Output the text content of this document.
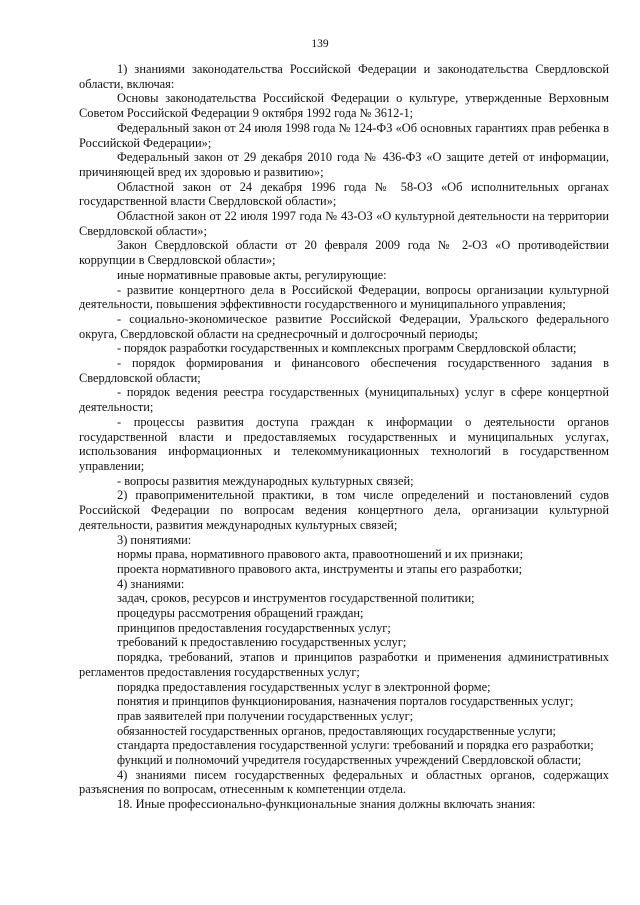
139

1) знаниями законодательства Российской Федерации и законодательства Свердловской области, включая:

Основы законодательства Российской Федерации о культуре, утвержденные Верховным Советом Российской Федерации 9 октября 1992 года № 3612-1;

Федеральный закон от 24 июля 1998 года № 124-ФЗ «Об основных гарантиях прав ребенка в Российской Федерации»;

Федеральный закон от 29 декабря 2010 года № 436-ФЗ «О защите детей от информации, причиняющей вред их здоровью и развитию»;

Областной закон от 24 декабря 1996 года № 58-ОЗ «Об исполнительных органах государственной власти Свердловской области»;

Областной закон от 22 июля 1997 года № 43-ОЗ «О культурной деятельности на территории Свердловской области»;

Закон Свердловской области от 20 февраля 2009 года № 2-ОЗ «О противодействии коррупции в Свердловской области»;

иные нормативные правовые акты, регулирующие:

- развитие концертного дела в Российской Федерации, вопросы организации культурной деятельности, повышения эффективности государственного и муниципального управления;

- социально-экономическое развитие Российской Федерации, Уральского федерального округа, Свердловской области на среднесрочный и долгосрочный периоды;

- порядок разработки государственных и комплексных программ Свердловской области;

- порядок формирования и финансового обеспечения государственного задания в Свердловской области;

- порядок ведения реестра государственных (муниципальных) услуг в сфере концертной деятельности;

- процессы развития доступа граждан к информации о деятельности органов государственной власти и предоставляемых государственных и муниципальных услугах, использования информационных и телекоммуникационных технологий в государственном управлении;

- вопросы развития международных культурных связей;

2) правоприменительной практики, в том числе определений и постановлений судов Российской Федерации по вопросам ведения концертного дела, организации культурной деятельности, развития международных культурных связей;

3) понятиями:

нормы права, нормативного правового акта, правоотношений и их признаки;

проекта нормативного правового акта, инструменты и этапы его разработки;

4) знаниями:

задач, сроков, ресурсов и инструментов государственной политики;

процедуры рассмотрения обращений граждан;

принципов предоставления государственных услуг;

требований к предоставлению государственных услуг;

порядка, требований, этапов и принципов разработки и применения административных регламентов предоставления государственных услуг;

порядка предоставления государственных услуг в электронной форме;

понятия и принципов функционирования, назначения порталов государственных услуг;

прав заявителей при получении государственных услуг;

обязанностей государственных органов, предоставляющих государственные услуги;

стандарта предоставления государственной услуги: требований и порядка его разработки;

функций и полномочий учредителя государственных учреждений Свердловской области;

4) знаниями писем государственных федеральных и областных органов, содержащих разъяснения по вопросам, отнесенным к компетенции отдела.

18. Иные профессионально-функциональные знания должны включать знания:
